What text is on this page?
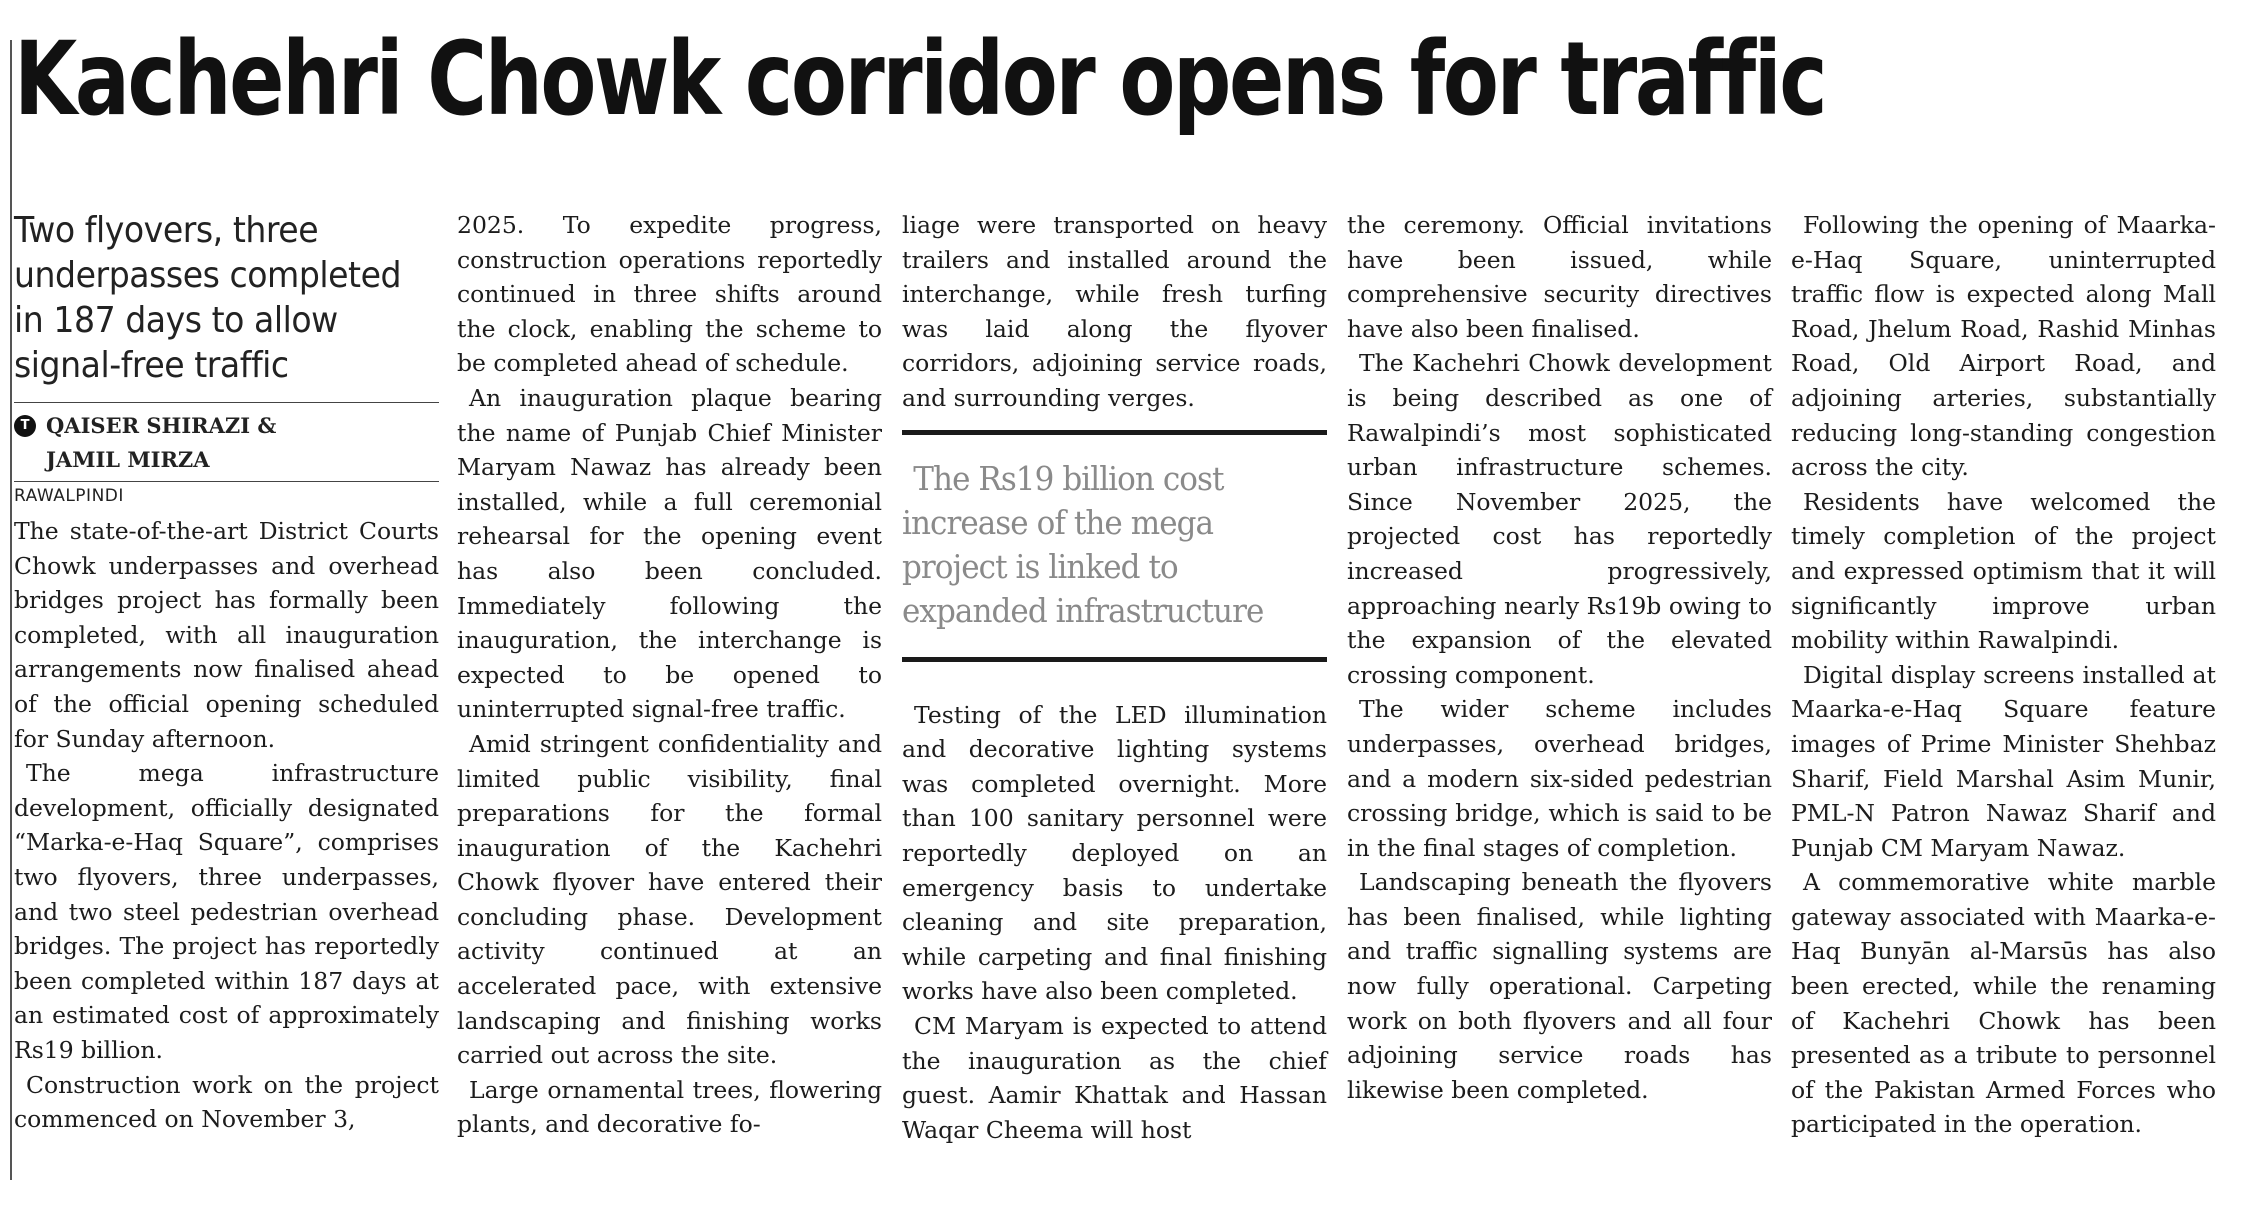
Kachehri Chowk corridor opens for traffic
Two flyovers, three underpasses completed in 187 days to allow signal-free traffic
T QAISER SHIRAZI &
JAMIL MIRZA
RAWALPINDI

The state-of-the-art District Courts Chowk underpasses and overhead bridges project has formally been completed, with all inauguration arrangements now finalised ahead of the official opening scheduled for Sunday afternoon.

The mega infrastructure development, officially designated “Marka-e-Haq Square”, comprises two flyovers, three underpasses, and two steel pedestrian overhead bridges. The project has reportedly been completed within 187 days at an estimated cost of approximately Rs19 billion.

Construction work on the project commenced on November 3,

2025. To expedite progress, construction operations reportedly continued in three shifts around the clock, enabling the scheme to be completed ahead of schedule.

An inauguration plaque bearing the name of Punjab Chief Minister Maryam Nawaz has already been installed, while a full ceremonial rehearsal for the opening event has also been concluded. Immediately following the inauguration, the interchange is expected to be opened to uninterrupted signal-free traffic.

Amid stringent confidentiality and limited public visibility, final preparations for the formal inauguration of the Kachehri Chowk flyover have entered their concluding phase. Development activity continued at an accelerated pace, with extensive landscaping and finishing works carried out across the site.

Large ornamental trees, flowering plants, and decorative fo-

liage were transported on heavy trailers and installed around the interchange, while fresh turfing was laid along the flyover corridors, adjoining service roads, and surrounding verges.

The Rs19 billion cost increase of the mega project is linked to expanded infrastructure

Testing of the LED illumination and decorative lighting systems was completed overnight. More than 100 sanitary personnel were reportedly deployed on an emergency basis to undertake cleaning and site preparation, while carpeting and final finishing works have also been completed.

CM Maryam is expected to attend the inauguration as the chief guest. Aamir Khattak and Hassan Waqar Cheema will host

the ceremony. Official invitations have been issued, while comprehensive security directives have also been finalised.

The Kachehri Chowk development is being described as one of Rawalpindi’s most sophisticated urban infrastructure schemes. Since November 2025, the projected cost has reportedly increased progressively, approaching nearly Rs19b owing to the expansion of the elevated crossing component.

The wider scheme includes underpasses, overhead bridges, and a modern six-sided pedestrian crossing bridge, which is said to be in the final stages of completion.

Landscaping beneath the flyovers has been finalised, while lighting and traffic signalling systems are now fully operational. Carpeting work on both flyovers and all four adjoining service roads has likewise been completed.

Following the opening of Maarka-e-Haq Square, uninterrupted traffic flow is expected along Mall Road, Jhelum Road, Rashid Minhas Road, Old Airport Road, and adjoining arteries, substantially reducing long-standing congestion across the city.

Residents have welcomed the timely completion of the project and expressed optimism that it will significantly improve urban mobility within Rawalpindi.

Digital display screens installed at Maarka-e-Haq Square feature images of Prime Minister Shehbaz Sharif, Field Marshal Asim Munir, PML-N Patron Nawaz Sharif and Punjab CM Maryam Nawaz.

A commemorative white marble gateway associated with Maarka-e-Haq Bunyān al-Marsūs has also been erected, while the renaming of Kachehri Chowk has been presented as a tribute to personnel of the Pakistan Armed Forces who participated in the operation.
